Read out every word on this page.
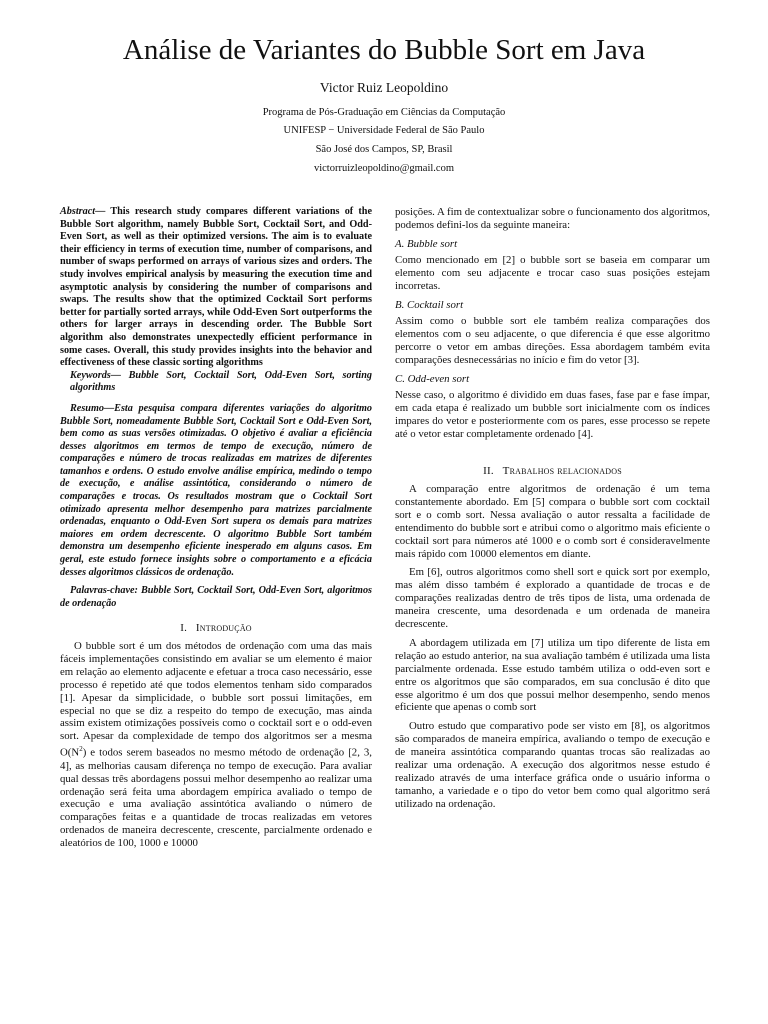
Análise de Variantes do Bubble Sort em Java

Victor Ruiz Leopoldino

Programa de Pós-Graduação em Ciências da Computação

UNIFESP − Universidade Federal de São Paulo

São José dos Campos, SP, Brasil

victorruizleopoldino@gmail.com

Abstract— This research study compares different variations of the Bubble Sort algorithm, namely Bubble Sort, Cocktail Sort, and Odd-Even Sort, as well as their optimized versions. The aim is to evaluate their efficiency in terms of execution time, number of comparisons, and number of swaps performed on arrays of various sizes and orders. The study involves empirical analysis by measuring the execution time and asymptotic analysis by considering the number of comparisons and swaps. The results show that the optimized Cocktail Sort performs better for partially sorted arrays, while Odd-Even Sort outperforms the others for larger arrays in descending order. The Bubble Sort algorithm also demonstrates unexpectedly efficient performance in some cases. Overall, this study provides insights into the behavior and effectiveness of these classic sorting algorithms

Keywords— Bubble Sort, Cocktail Sort, Odd-Even Sort, sorting algorithms

Resumo—Esta pesquisa compara diferentes variações do algoritmo Bubble Sort, nomeadamente Bubble Sort, Cocktail Sort e Odd-Even Sort, bem como as suas versões otimizadas. O objetivo é avaliar a eficiência desses algoritmos em termos de tempo de execução, número de comparações e número de trocas realizadas em matrizes de diferentes tamanhos e ordens. O estudo envolve análise empírica, medindo o tempo de execução, e análise assintótica, considerando o número de comparações e trocas. Os resultados mostram que o Cocktail Sort otimizado apresenta melhor desempenho para matrizes parcialmente ordenadas, enquanto o Odd-Even Sort supera os demais para matrizes maiores em ordem decrescente. O algoritmo Bubble Sort também demonstra um desempenho eficiente inesperado em alguns casos. Em geral, este estudo fornece insights sobre o comportamento e a eficácia desses algoritmos clássicos de ordenação.

Palavras-chave: Bubble Sort, Cocktail Sort, Odd-Even Sort, algoritmos de ordenação

I. Introdução

O bubble sort é um dos métodos de ordenação com uma das mais fáceis implementações consistindo em avaliar se um elemento é maior em relação ao elemento adjacente e efetuar a troca caso necessário, esse processo é repetido até que todos elementos tenham sido comparados [1]. Apesar da simplicidade, o bubble sort possui limitações, em especial no que se diz a respeito do tempo de execução, mas ainda assim existem otimizações possíveis como o cocktail sort e o odd-even sort. Apesar da complexidade de tempo dos algoritmos ser a mesma $O(N^2)$ e todos serem baseados no mesmo método de ordenação [2, 3, 4], as melhorias causam diferença no tempo de execução. Para avaliar qual dessas três abordagens possui melhor desempenho ao realizar uma ordenação será feita uma abordagem empírica avaliado o tempo de execução e uma avaliação assintótica avaliando o número de comparações feitas e a quantidade de trocas realizadas em vetores ordenados de maneira decrescente, crescente, parcialmente ordenado e aleatórios de 100, 1000 e 10000

posições. A fim de contextualizar sobre o funcionamento dos algoritmos, podemos defini-los da seguinte maneira:

A. Bubble sort

Como mencionado em [2] o bubble sort se baseia em comparar um elemento com seu adjacente e trocar caso suas posições estejam incorretas.

B. Cocktail sort

Assim como o bubble sort ele também realiza comparações dos elementos com o seu adjacente, o que diferencia é que esse algoritmo percorre o vetor em ambas direções. Essa abordagem também evita comparações desnecessárias no início e fim do vetor [3].

C. Odd-even sort

Nesse caso, o algoritmo é dividido em duas fases, fase par e fase ímpar, em cada etapa é realizado um bubble sort inicialmente com os índices impares do vetor e posteriormente com os pares, esse processo se repete até o vetor estar completamente ordenado [4].

II. Trabalhos relacionados

A comparação entre algoritmos de ordenação é um tema constantemente abordado. Em [5] compara o bubble sort com cocktail sort e o comb sort. Nessa avaliação o autor ressalta a facilidade de entendimento do bubble sort e atribui como o algoritmo mais eficiente o cocktail sort para números até 1000 e o comb sort é consideravelmente mais rápido com 10000 elementos em diante.

Em [6], outros algoritmos como shell sort e quick sort por exemplo, mas além disso também é explorado a quantidade de trocas e de comparações realizadas dentro de três tipos de lista, uma ordenada de maneira crescente, uma desordenada e um ordenada de maneira decrescente.

A abordagem utilizada em [7] utiliza um tipo diferente de lista em relação ao estudo anterior, na sua avaliação também é utilizada uma lista parcialmente ordenada. Esse estudo também utiliza o odd-even sort e entre os algoritmos que são comparados, em sua conclusão é dito que esse algoritmo é um dos que possui melhor desempenho, sendo menos eficiente que apenas o comb sort

Outro estudo que comparativo pode ser visto em [8], os algoritmos são comparados de maneira empírica, avaliando o tempo de execução e de maneira assintótica comparando quantas trocas são realizadas ao realizar uma ordenação. A execução dos algoritmos nesse estudo é realizado através de uma interface gráfica onde o usuário informa o tamanho, a variedade e o tipo do vetor bem como qual algoritmo será utilizado na ordenação.
